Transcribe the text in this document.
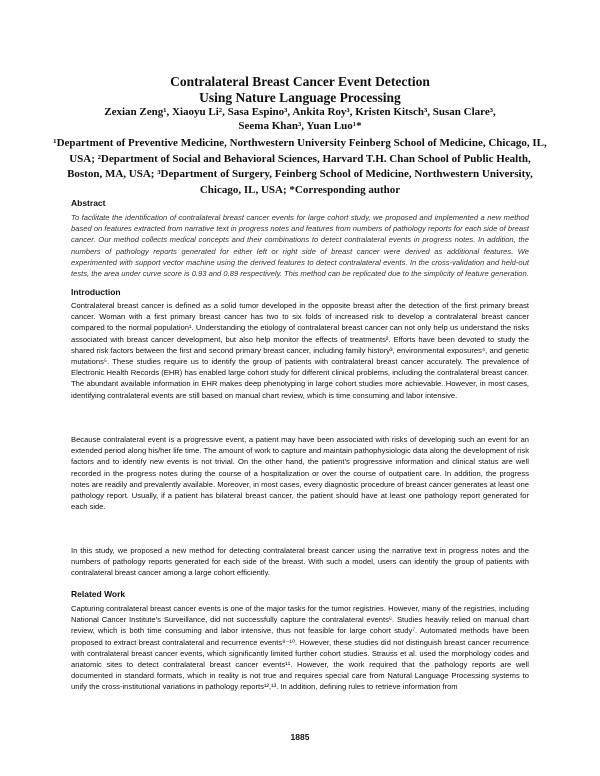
Contralateral Breast Cancer Event Detection
Using Nature Language Processing
Zexian Zeng¹, Xiaoyu Li², Sasa Espino³, Ankita Roy³, Kristen Kitsch³, Susan Clare³,
Seema Khan³, Yuan Luo¹*
¹Department of Preventive Medicine, Northwestern University Feinberg School of Medicine, Chicago, IL, USA; ²Department of Social and Behavioral Sciences, Harvard T.H. Chan School of Public Health, Boston, MA, USA; ³Department of Surgery, Feinberg School of Medicine, Northwestern University, Chicago, IL, USA; *Corresponding author
Abstract

To facilitate the identification of contralateral breast cancer events for large cohort study, we proposed and implemented a new method based on features extracted from narrative text in progress notes and features from numbers of pathology reports for each side of breast cancer. Our method collects medical concepts and their combinations to detect contralateral events in progress notes. In addition, the numbers of pathology reports generated for either left or right side of breast cancer were derived as additional features. We experimented with support vector machine using the derived features to detect contralateral events. In the cross-validation and held-out tests, the area under curve score is 0.93 and 0.89 respectively. This method can be replicated due to the simplicity of feature generation.

Introduction

Contralateral breast cancer is defined as a solid tumor developed in the opposite breast after the detection of the first primary breast cancer. Woman with a first primary breast cancer has two to six folds of increased risk to develop a contralateral breast cancer compared to the normal population¹. Understanding the etiology of contralateral breast cancer can not only help us understand the risks associated with breast cancer development, but also help monitor the effects of treatments². Efforts have been devoted to study the shared risk factors between the first and second primary breast cancer, including family history³, environmental exposures⁴, and genetic mutations⁵. These studies require us to identify the group of patients with contralateral breast cancer accurately. The prevalence of Electronic Health Records (EHR) has enabled large cohort study for different clinical problems, including the contralateral breast cancer. The abundant available information in EHR makes deep phenotyping in large cohort studies more achievable. However, in most cases, identifying contralateral events are still based on manual chart review, which is time consuming and labor intensive.

Because contralateral event is a progressive event, a patient may have been associated with risks of developing such an event for an extended period along his/her life time. The amount of work to capture and maintain pathophysiologic data along the development of risk factors and to identify new events is not trivial. On the other hand, the patient’s progressive information and clinical status are well recorded in the progress notes during the course of a hospitalization or over the course of outpatient care. In addition, the progress notes are readily and prevalently available. Moreover, in most cases, every diagnostic procedure of breast cancer generates at least one pathology report. Usually, if a patient has bilateral breast cancer, the patient should have at least one pathology report generated for each side.

In this study, we proposed a new method for detecting contralateral breast cancer using the narrative text in progress notes and the numbers of pathology reports generated for each side of the breast. With such a model, users can identify the group of patients with contralateral breast cancer among a large cohort efficiently.

Related Work

Capturing contralateral breast cancer events is one of the major tasks for the tumor registries. However, many of the registries, including National Cancer Institute’s Surveillance, did not successfully capture the contralateral events⁶. Studies heavily relied on manual chart review, which is both time consuming and labor intensive, thus not feasible for large cohort study⁷. Automated methods have been proposed to extract breast contralateral and recurrence events⁸⁻¹⁰. However, these studies did not distinguish breast cancer recurrence with contralateral breast cancer events, which significantly limited further cohort studies. Strauss et al. used the morphology codes and anatomic sites to detect contralateral breast cancer events¹¹. However, the work required that the pathology reports are well documented in standard formats, which in reality is not true and requires special care from Natural Language Processing systems to unify the cross-institutional variations in pathology reports¹²,¹³. In addition, defining rules to retrieve information from

1885
